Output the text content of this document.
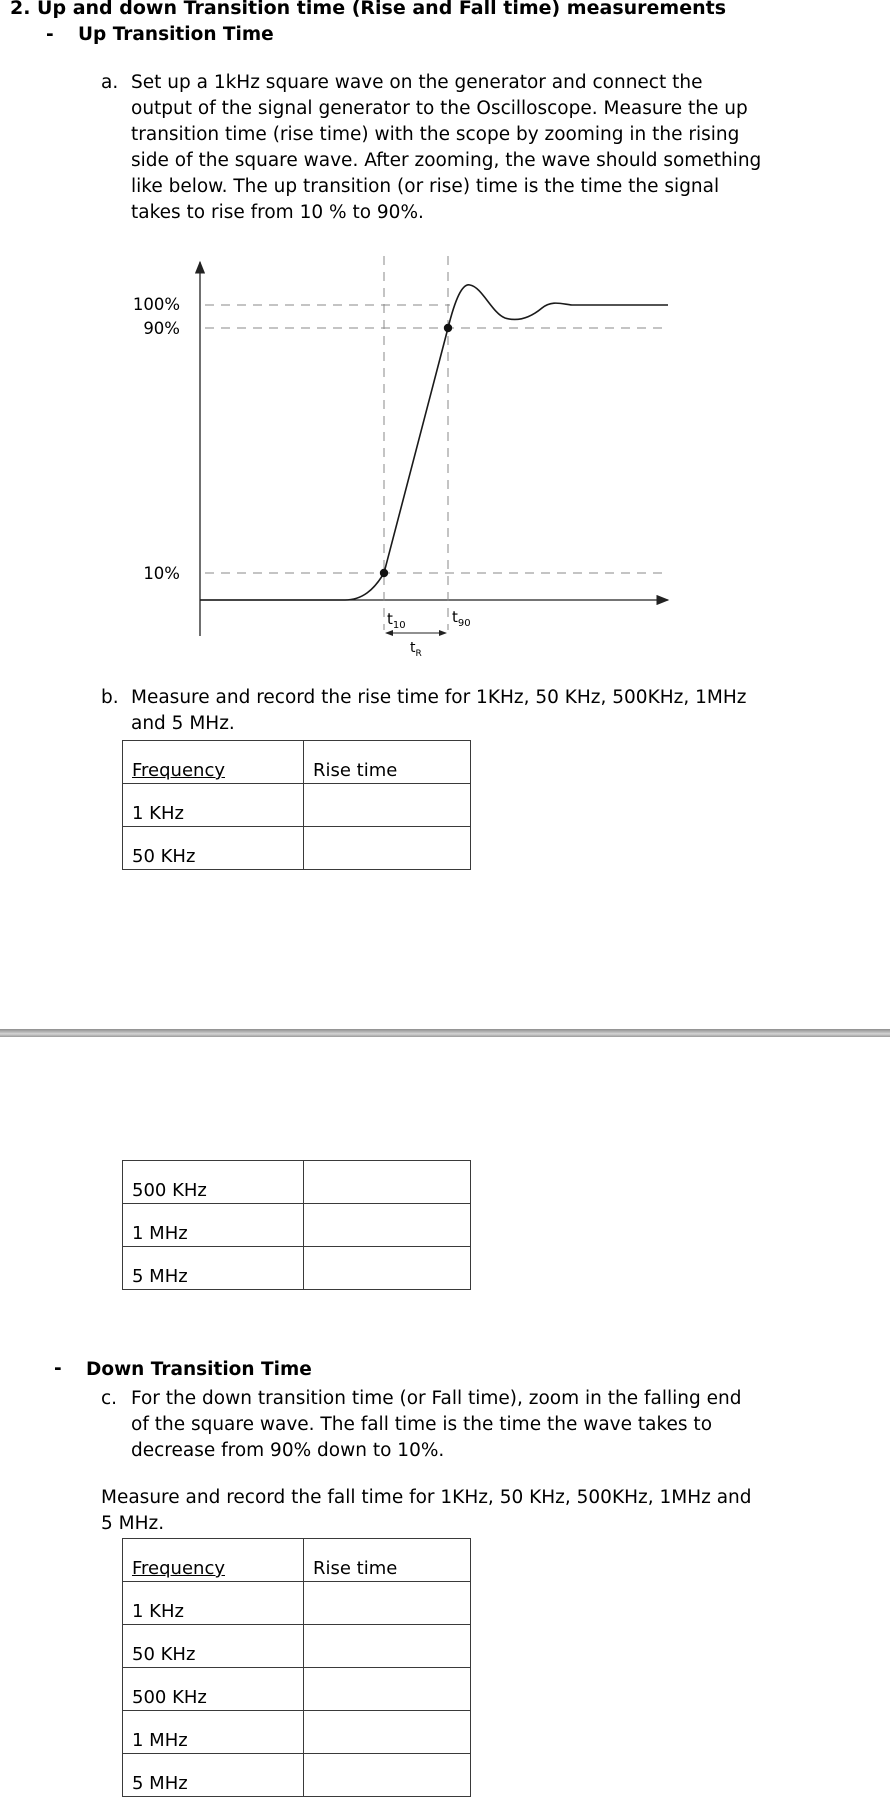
2. Up and down Transition time (Rise and Fall time) measurements
- Up Transition Time
a. Set up a 1kHz square wave on the generator and connect the
output of the signal generator to the Oscilloscope. Measure the up
transition time (rise time) with the scope by zooming in the rising
side of the square wave. After zooming, the wave should something
like below. The up transition (or rise) time is the time the signal
takes to rise from 10 % to 90%.
100%
90%
10%
$t_{10}$	$t_{90}$
$t_R$
b. Measure and record the rise time for 1KHz, 50 KHz, 500KHz, 1MHz
and 5 MHz.
Frequency	Rise time
1 KHz	
50 KHz	
500 KHz	
1 MHz	
5 MHz	
- Down Transition Time
c. For the down transition time (or Fall time), zoom in the falling end
of the square wave. The fall time is the time the wave takes to
decrease from 90% down to 10%.
Measure and record the fall time for 1KHz, 50 KHz, 500KHz, 1MHz and
5 MHz.
Frequency	Rise time
1 KHz	
50 KHz	
500 KHz	
1 MHz	
5 MHz	
